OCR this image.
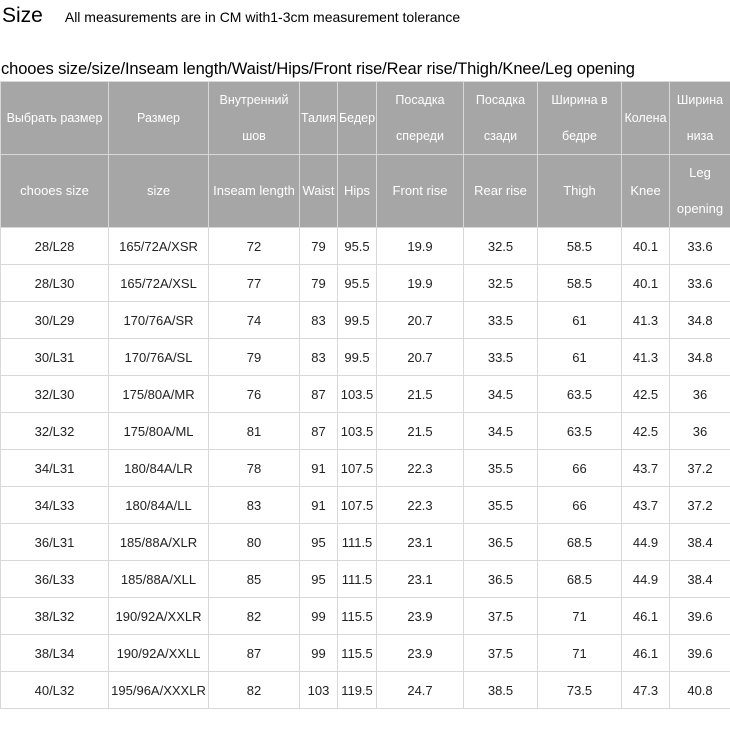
Size All measurements are in CM with1-3cm measurement tolerance
chooes size/size/Inseam length/Waist/Hips/Front rise/Rear rise/Thigh/Knee/Leg opening
Выбрать размер	Размер	Внутренний шов	Талия	Бедер	Посадка спереди	Посадка сзади	Ширина в бедре	Колена	Ширина низа
chooes size	size	Inseam length	Waist	Hips	Front rise	Rear rise	Thigh	Knee	Leg opening
28/L28	165/72A/XSR	72	79	95.5	19.9	32.5	58.5	40.1	33.6
28/L30	165/72A/XSL	77	79	95.5	19.9	32.5	58.5	40.1	33.6
30/L29	170/76A/SR	74	83	99.5	20.7	33.5	61	41.3	34.8
30/L31	170/76A/SL	79	83	99.5	20.7	33.5	61	41.3	34.8
32/L30	175/80A/MR	76	87	103.5	21.5	34.5	63.5	42.5	36
32/L32	175/80A/ML	81	87	103.5	21.5	34.5	63.5	42.5	36
34/L31	180/84A/LR	78	91	107.5	22.3	35.5	66	43.7	37.2
34/L33	180/84A/LL	83	91	107.5	22.3	35.5	66	43.7	37.2
36/L31	185/88A/XLR	80	95	111.5	23.1	36.5	68.5	44.9	38.4
36/L33	185/88A/XLL	85	95	111.5	23.1	36.5	68.5	44.9	38.4
38/L32	190/92A/XXLR	82	99	115.5	23.9	37.5	71	46.1	39.6
38/L34	190/92A/XXLL	87	99	115.5	23.9	37.5	71	46.1	39.6
40/L32	195/96A/XXXLR	82	103	119.5	24.7	38.5	73.5	47.3	40.8
